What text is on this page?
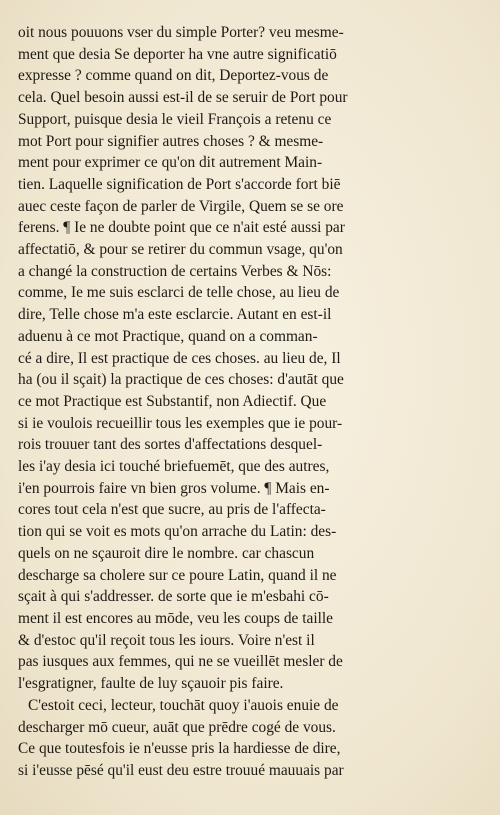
oit nous pouuons vser du simple Porter? veu mesme-
ment que desia Se deporter ha vne autre significatiō
expresse ? comme quand on dit, Deportez-vous de
cela. Quel besoin aussi est-il de se seruir de Port pour
Support, puisque desia le vieil François a retenu ce
mot Port pour signifier autres choses ? & mesme-
ment pour exprimer ce qu'on dit autrement Main-
tien. Laquelle signification de Port s'accorde fort biē
auec ceste façon de parler de Virgile, Quem se se ore
ferens. ¶ Ie ne doubte point que ce n'ait esté aussi par
affectatiō, & pour se retirer du commun vsage, qu'on
a changé la construction de certains Verbes & Nōs:
comme, Ie me suis esclarci de telle chose, au lieu de
dire, Telle chose m'a este esclarcie. Autant en est-il
aduenu à ce mot Practique, quand on a comman-
cé a dire, Il est practique de ces choses. au lieu de, Il
ha (ou il sçait) la practique de ces choses: d'autāt que
ce mot Practique est Substantif, non Adiectif. Que
si ie voulois recueillir tous les exemples que ie pour-
rois trouuer tant des sortes d'affectations desquel-
les i'ay desia ici touché briefuemēt, que des autres,
i'en pourrois faire vn bien gros volume. ¶ Mais en-
cores tout cela n'est que sucre, au pris de l'affecta-
tion qui se voit es mots qu'on arrache du Latin: des-
quels on ne sçauroit dire le nombre. car chascun
descharge sa cholere sur ce poure Latin, quand il ne
sçait à qui s'addresser. de sorte que ie m'esbahi cō-
ment il est encores au mōde, veu les coups de taille
& d'estoc qu'il reçoit tous les iours. Voire n'est il
pas iusques aux femmes, qui ne se vueillēt mesler de
l'esgratigner, faulte de luy sçauoir pis faire.
C'estoit ceci, lecteur, touchāt quoy i'auois enuie de
descharger mō cueur, auāt que prēdre cogé de vous.
Ce que toutesfois ie n'eusse pris la hardiesse de dire,
si i'eusse pēsé qu'il eust deu estre trouué mauuais par
